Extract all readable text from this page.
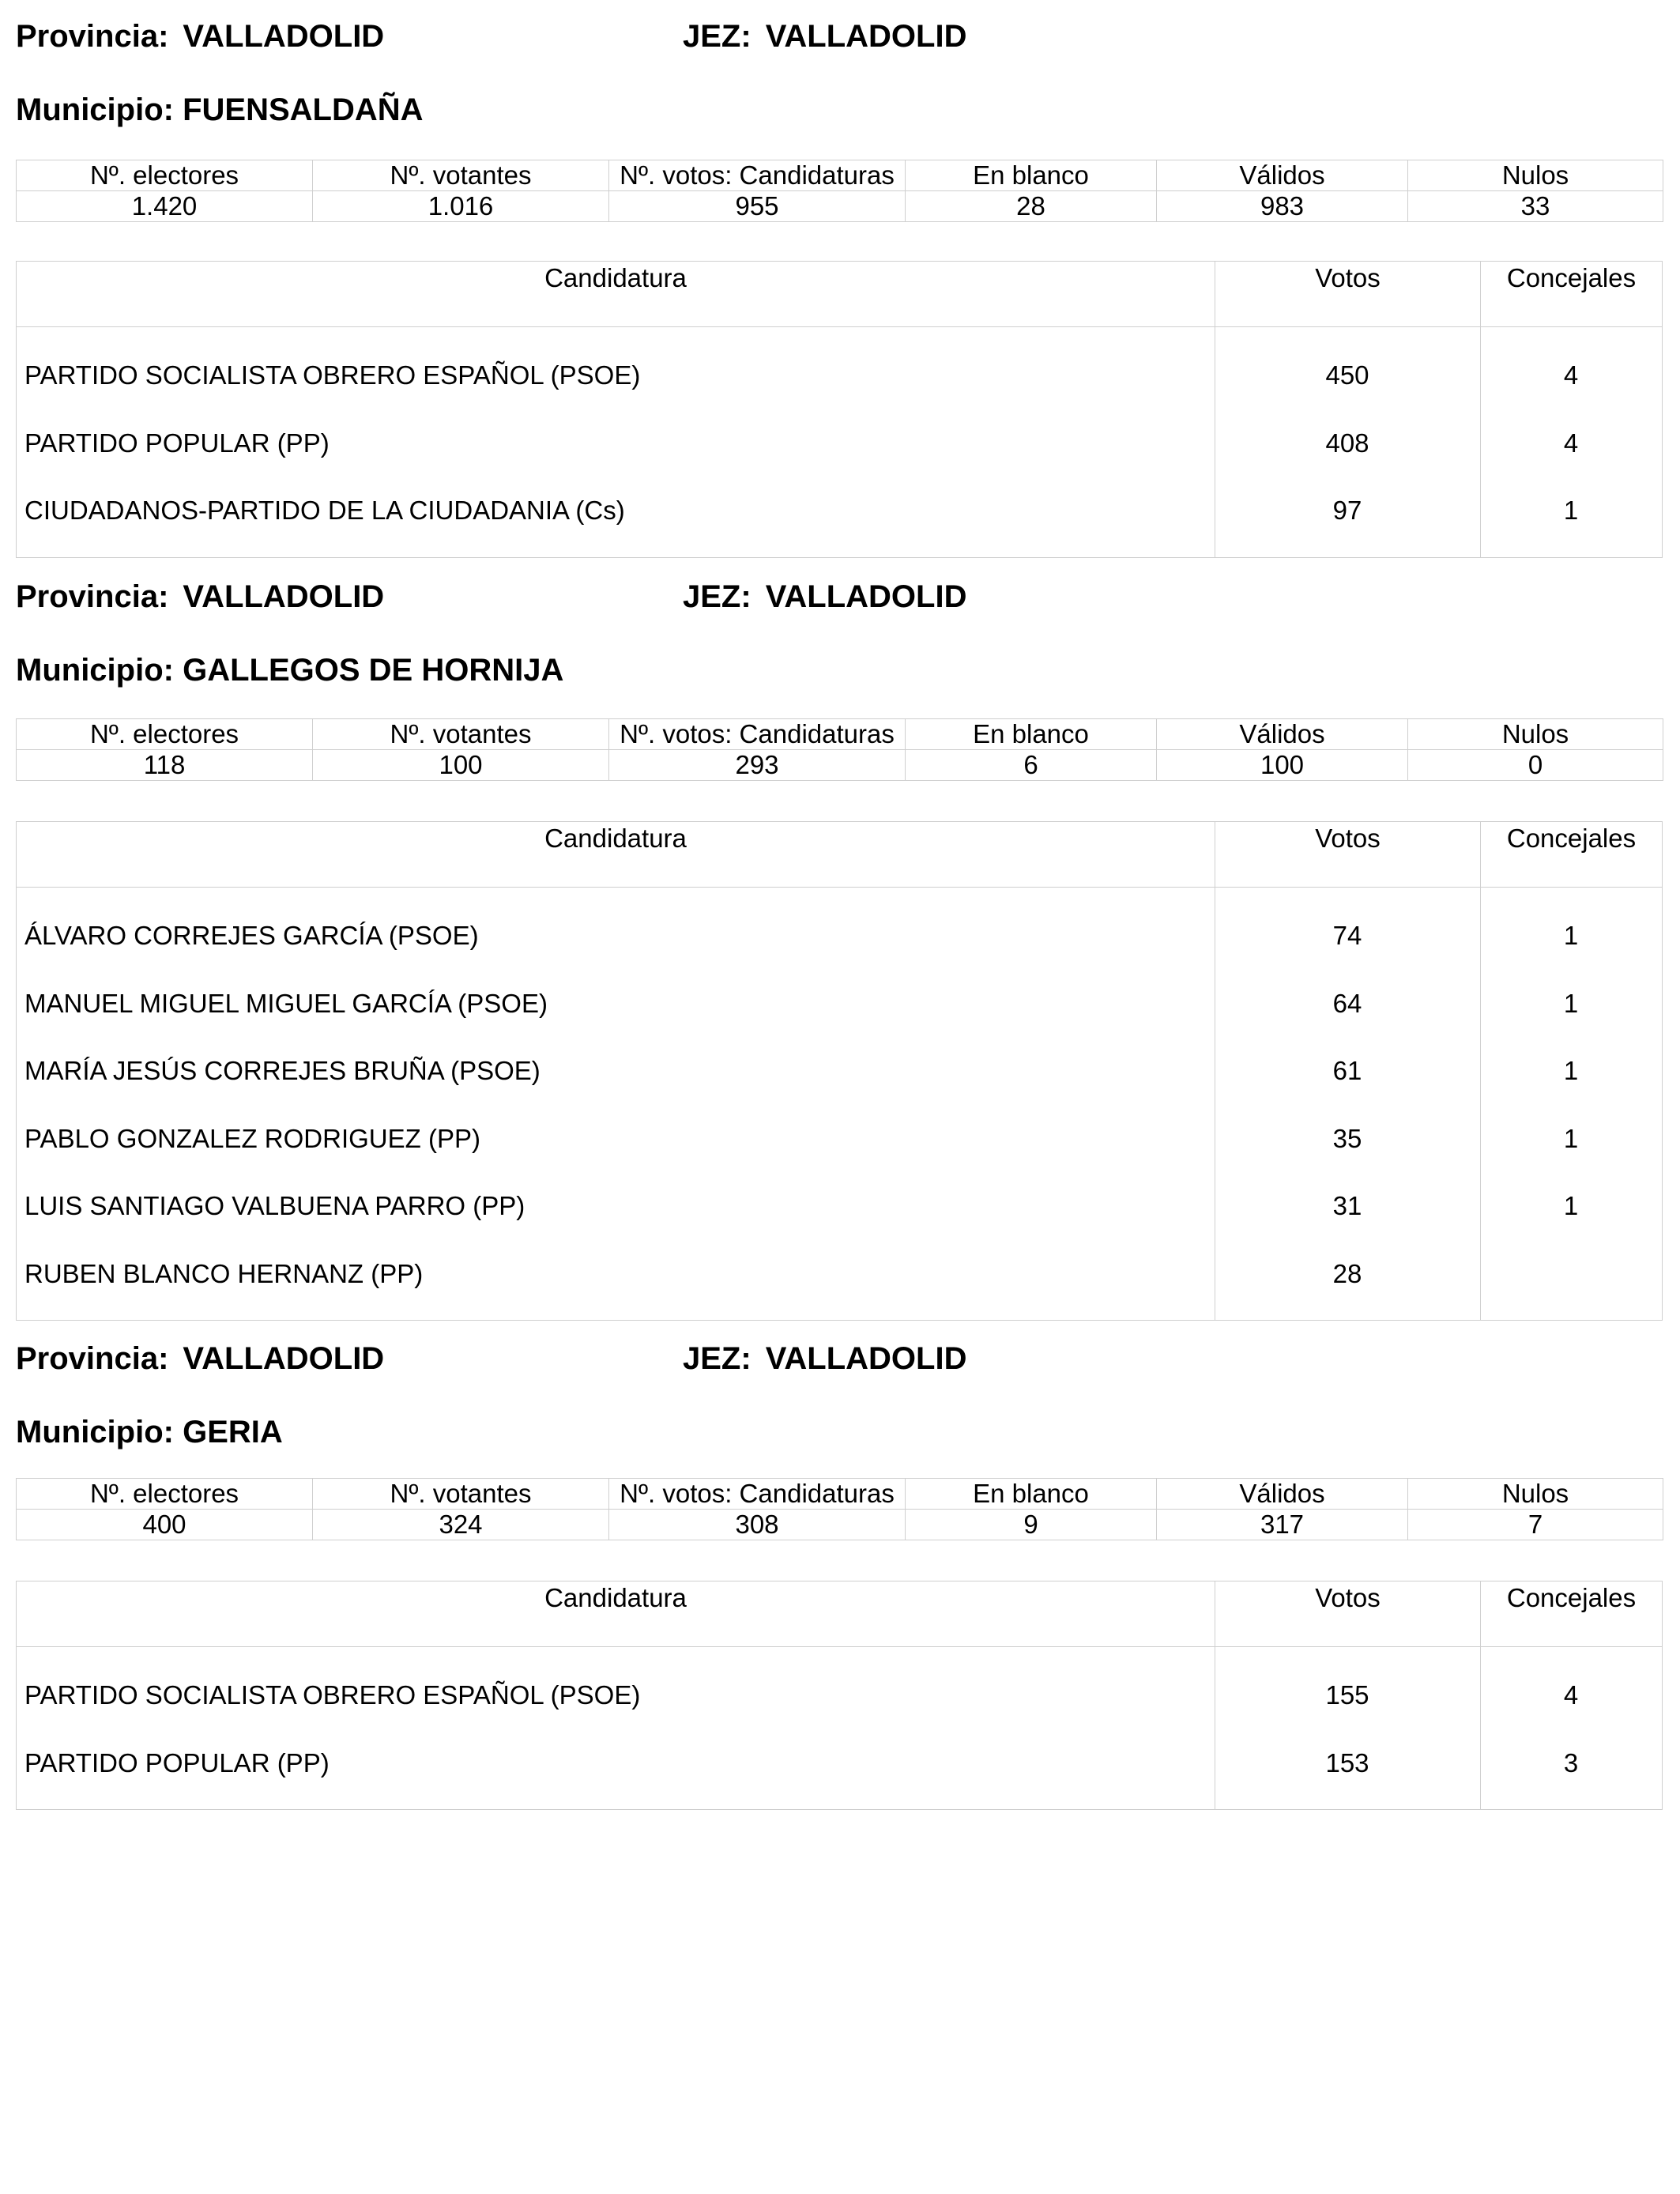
Provincia: VALLADOLID	JEZ: VALLADOLID
Municipio: FUENSALDAÑA
Nº. electores	Nº. votantes	Nº. votos: Candidaturas	En blanco	Válidos	Nulos
1.420	1.016	955	28	983	33
Candidatura	Votos	Concejales
PARTIDO SOCIALISTA OBRERO ESPAÑOL (PSOE)	450	4
PARTIDO POPULAR (PP)	408	4
CIUDADANOS-PARTIDO DE LA CIUDADANIA (Cs)	97	1
Provincia: VALLADOLID	JEZ: VALLADOLID
Municipio: GALLEGOS DE HORNIJA
Nº. electores	Nº. votantes	Nº. votos: Candidaturas	En blanco	Válidos	Nulos
118	100	293	6	100	0
Candidatura	Votos	Concejales
ÁLVARO CORREJES GARCÍA (PSOE)	74	1
MANUEL MIGUEL MIGUEL GARCÍA (PSOE)	64	1
MARÍA JESÚS CORREJES BRUÑA (PSOE)	61	1
PABLO GONZALEZ RODRIGUEZ (PP)	35	1
LUIS SANTIAGO VALBUENA PARRO (PP)	31	1
RUBEN BLANCO HERNANZ (PP)	28
Provincia: VALLADOLID	JEZ: VALLADOLID
Municipio: GERIA
Nº. electores	Nº. votantes	Nº. votos: Candidaturas	En blanco	Válidos	Nulos
400	324	308	9	317	7
Candidatura	Votos	Concejales
PARTIDO SOCIALISTA OBRERO ESPAÑOL (PSOE)	155	4
PARTIDO POPULAR (PP)	153	3
